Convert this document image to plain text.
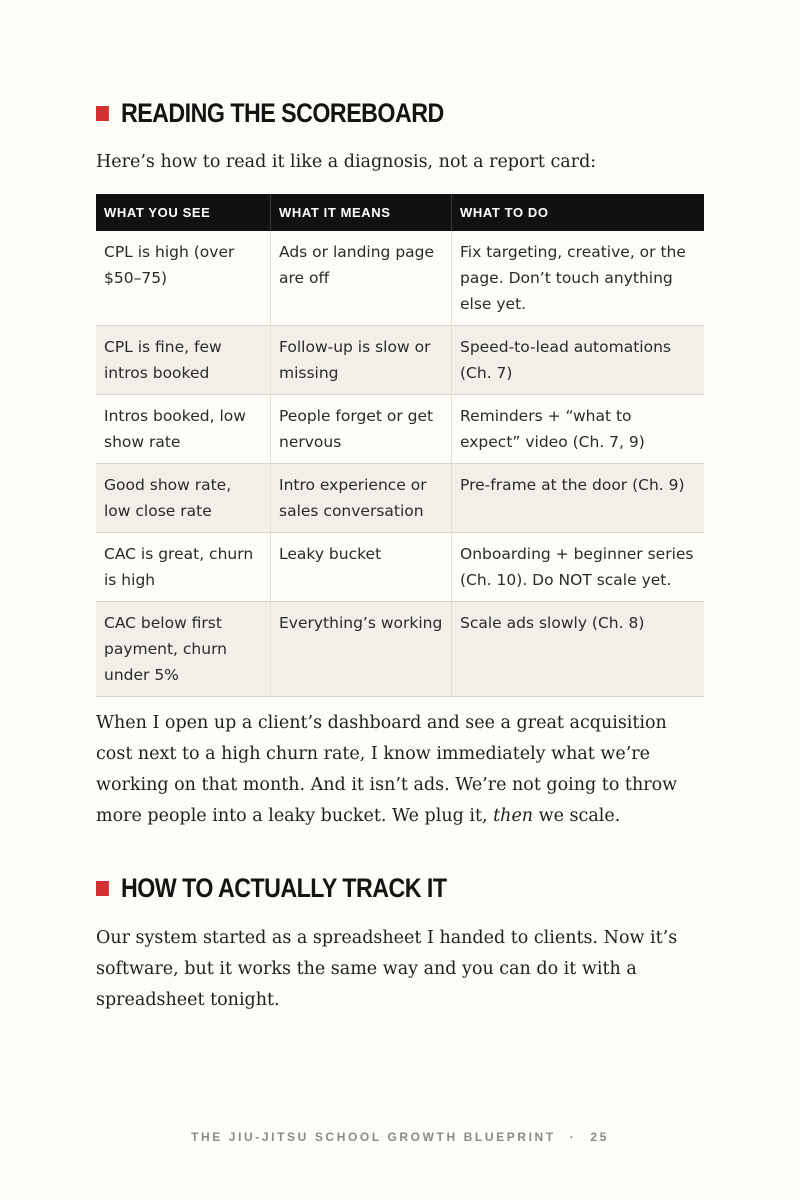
READING THE SCOREBOARD

Here’s how to read it like a diagnosis, not a report card:

WHAT YOU SEE	WHAT IT MEANS	WHAT TO DO
CPL is high (over $50–75)	Ads or landing page are off	Fix targeting, creative, or the page. Don’t touch anything else yet.
CPL is fine, few intros booked	Follow-up is slow or missing	Speed-to-lead automations (Ch. 7)
Intros booked, low show rate	People forget or get nervous	Reminders + “what to expect” video (Ch. 7, 9)
Good show rate, low close rate	Intro experience or sales conversation	Pre-frame at the door (Ch. 9)
CAC is great, churn is high	Leaky bucket	Onboarding + beginner series (Ch. 10). Do NOT scale yet.
CAC below first payment, churn under 5%	Everything’s working	Scale ads slowly (Ch. 8)

When I open up a client’s dashboard and see a great acquisition cost next to a high churn rate, I know immediately what we’re working on that month. And it isn’t ads. We’re not going to throw more people into a leaky bucket. We plug it, then we scale.

HOW TO ACTUALLY TRACK IT

Our system started as a spreadsheet I handed to clients. Now it’s software, but it works the same way and you can do it with a spreadsheet tonight.

THE JIU-JITSU SCHOOL GROWTH BLUEPRINT · 25
